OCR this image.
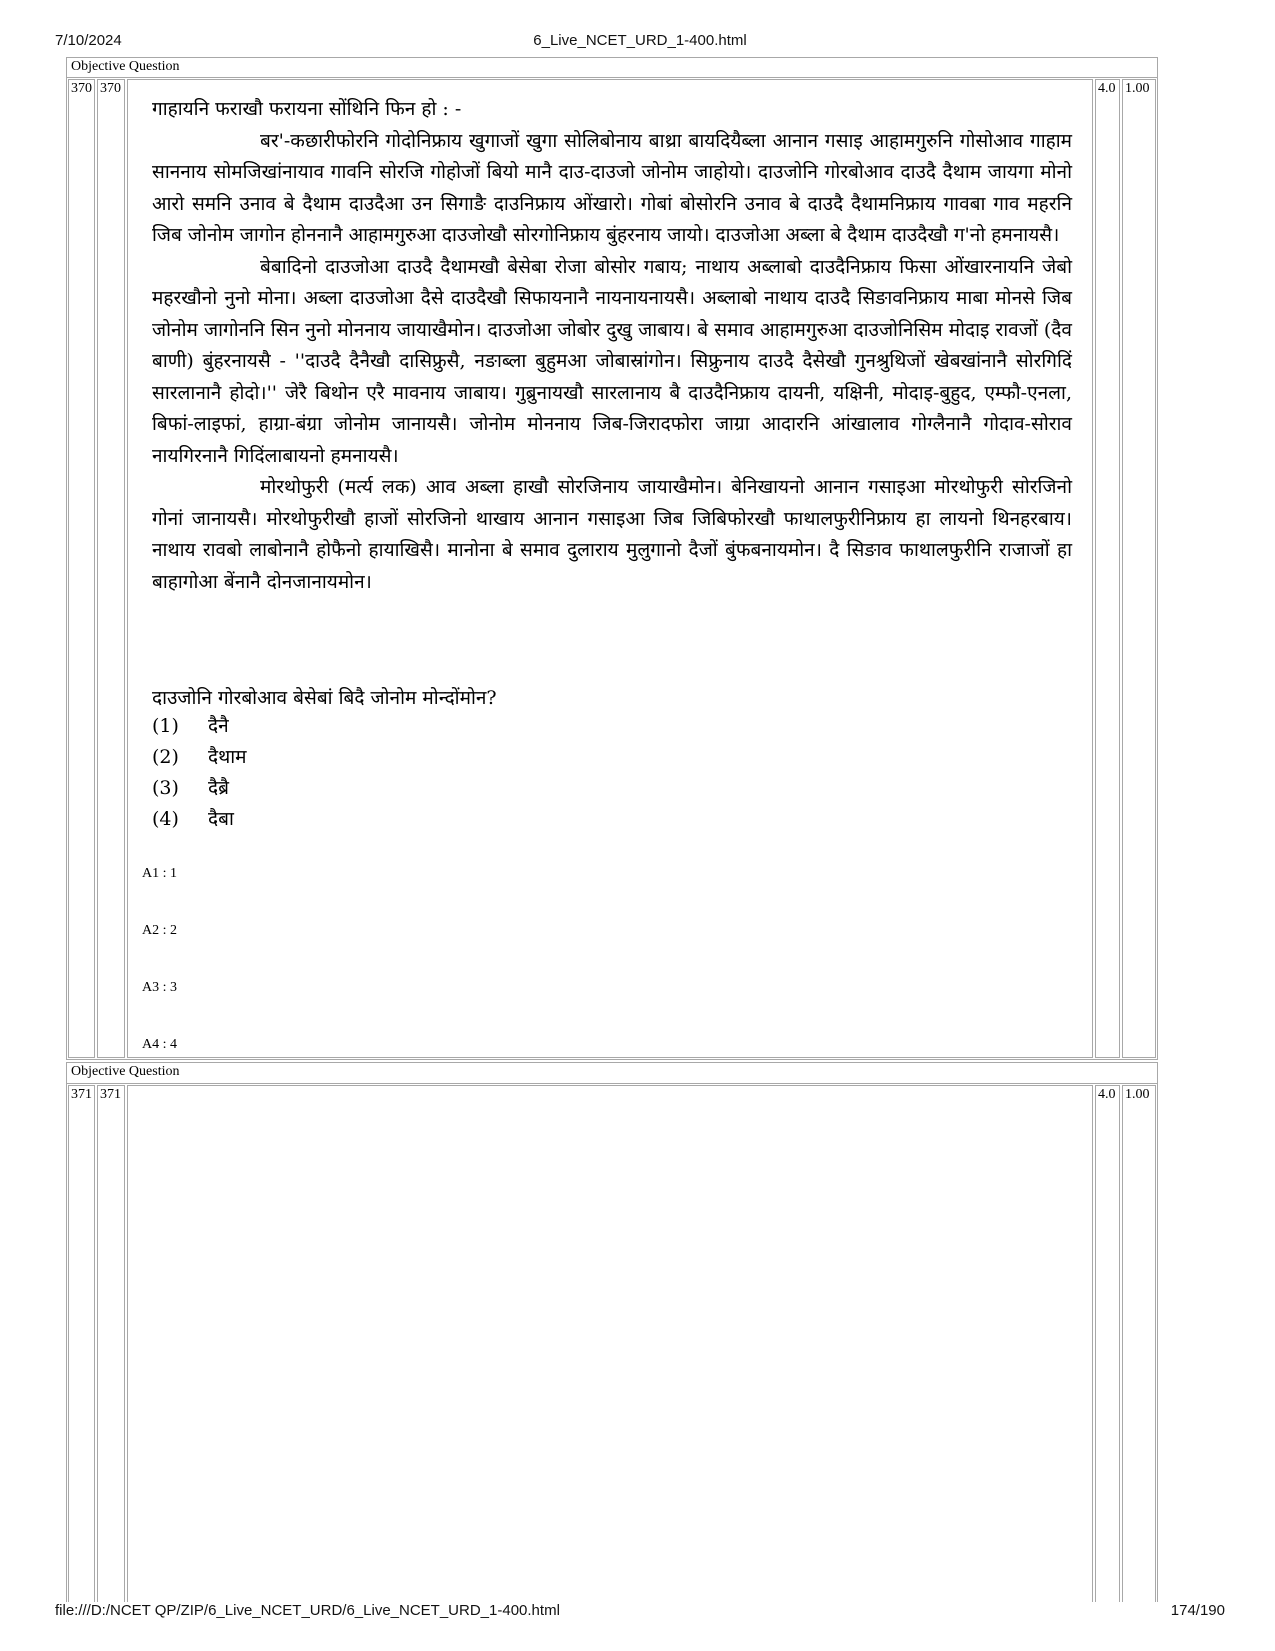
7/10/2024	6_Live_NCET_URD_1-400.html
Objective Question
370 370	4.0 1.00

गाहायनि फराखौ फरायना सोंथिनि फिन हो : -

बर'-कछारीफोरनि गोदोनिफ्राय खुगाजों खुगा सोलिबोनाय बाथ्रा बायदियैब्ला आनान गसाइ आहामगुरुनि गोसोआव गाहाम साननाय सोमजिखांनायाव गावनि सोरजि गोहोजों बियो मानै दाउ-दाउजो जोनोम जाहोयो। दाउजोनि गोरबोआव दाउदै दैथाम जायगा मोनो आरो समनि उनाव बे दैथाम दाउदैआ उन सिगाङै दाउनिफ्राय ओंखारो। गोबां बोसोरनि उनाव बे दाउदै दैथामनिफ्राय गावबा गाव महरनि जिब जोनोम जागोन होननानै आहामगुरुआ दाउजोखौ सोरगोनिफ्राय बुंहरनाय जायो। दाउजोआ अब्ला बे दैथाम दाउदैखौ ग'नो हमनायसै।

बेबादिनो दाउजोआ दाउदै दैथामखौ बेसेबा रोजा बोसोर गबाय; नाथाय अब्लाबो दाउदैनिफ्राय फिसा ओंखारनायनि जेबो महरखौनो नुनो मोना। अब्ला दाउजोआ दैसे दाउदैखौ सिफायनानै नायनायनायसै। अब्लाबो नाथाय दाउदै सिङावनिफ्राय माबा मोनसे जिब जोनोम जागोननि सिन नुनो मोननाय जायाखैमोन। दाउजोआ जोबोर दुखु जाबाय। बे समाव आहामगुरुआ दाउजोनिसिम मोदाइ रावजों (दैव बाणी) बुंहरनायसै - ''दाउदै दैनैखौ दासिफ्रुसै, नङाब्ला बुहुमआ जोबास्रांगोन। सिफ्रुनाय दाउदै दैसेखौ गुनश्रुथिजों खेबखांनानै सोरगिदिं सारलानानै होदो।'' जेरै बिथोन एरै मावनाय जाबाय। गुब्रुनायखौ सारलानाय बै दाउदैनिफ्राय दायनी, यक्षिनी, मोदाइ-बुहुद, एम्फौ-एनला, बिफां-लाइफां, हाग्रा-बंग्रा जोनोम जानायसै। जोनोम मोननाय जिब-जिरादफोरा जाग्रा आदारनि आंखालाव गोग्लैनानै गोदाव-सोराव नायगिरनानै गिदिंलाबायनो हमनायसै।

मोरथोफुरी (मर्त्य लक) आव अब्ला हाखौ सोरजिनाय जायाखैमोन। बेनिखायनो आनान गसाइआ मोरथोफुरी सोरजिनो गोनां जानायसै। मोरथोफुरीखौ हाजों सोरजिनो थाखाय आनान गसाइआ जिब जिबिफोरखौ फाथालफुरीनिफ्राय हा लायनो थिनहरबाय। नाथाय रावबो लाबोनानै होफैनो हायाखिसै। मानोना बे समाव दुलाराय मुलुगानो दैजों बुंफबनायमोन। दै सिङाव फाथालफुरीनि राजाजों हा बाहागोआ बेंनानै दोनजानायमोन।

दाउजोनि गोरबोआव बेसेबां बिदै जोनोम मोन्दोंमोन?
(1) दैनै
(2) दैथाम
(3) दैब्रै
(4) दैबा
A1 : 1
A2 : 2
A3 : 3
A4 : 4
Objective Question
371 371	4.0 1.00
file:///D:/NCET QP/ZIP/6_Live_NCET_URD/6_Live_NCET_URD_1-400.html	174/190
